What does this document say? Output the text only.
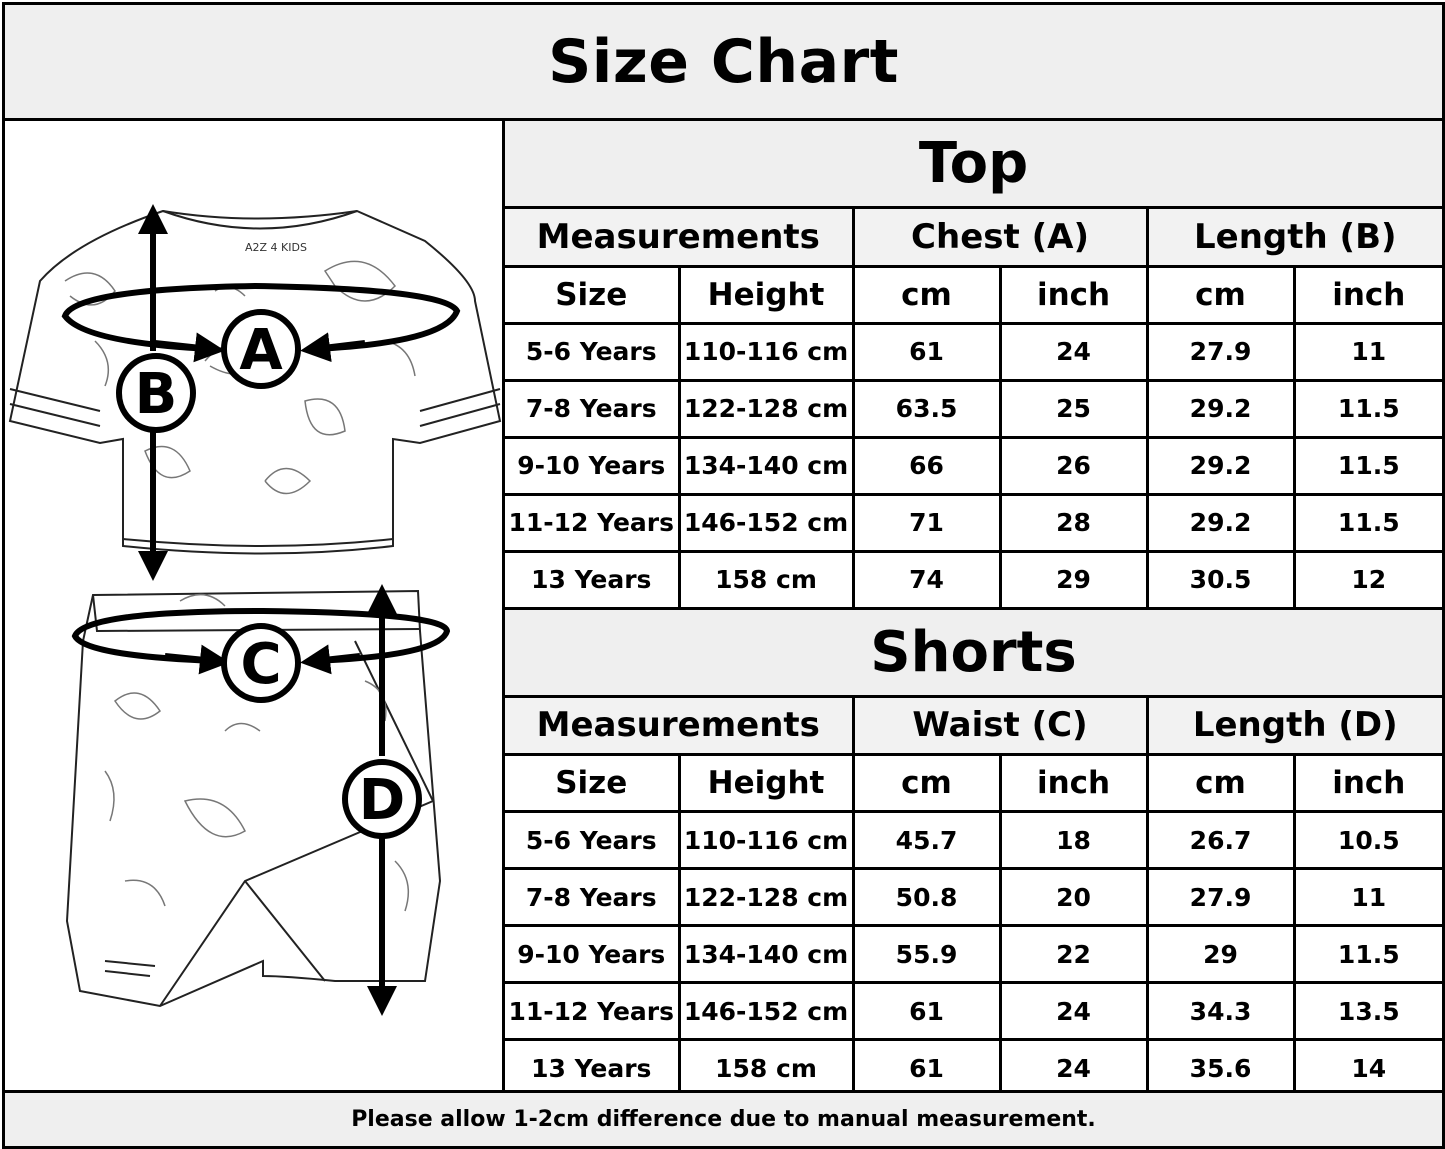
Size Chart
A2Z 4 KIDS
A
B
C
D
Top
Measurements		Chest (A)		Length (B)	
Size	Height	cm	inch	cm	inch
5-6 Years	110-116 cm	61	24	27.9	11
7-8 Years	122-128 cm	63.5	25	29.2	11.5
9-10 Years	134-140 cm	66	26	29.2	11.5
11-12 Years	146-152 cm	71	28	29.2	11.5
13 Years	158 cm	74	29	30.5	12
Shorts
Measurements		Waist (C)		Length (D)	
Size	Height	cm	inch	cm	inch
5-6 Years	110-116 cm	45.7	18	26.7	10.5
7-8 Years	122-128 cm	50.8	20	27.9	11
9-10 Years	134-140 cm	55.9	22	29	11.5
11-12 Years	146-152 cm	61	24	34.3	13.5
13 Years	158 cm	61	24	35.6	14
Please allow 1-2cm difference due to manual measurement.
